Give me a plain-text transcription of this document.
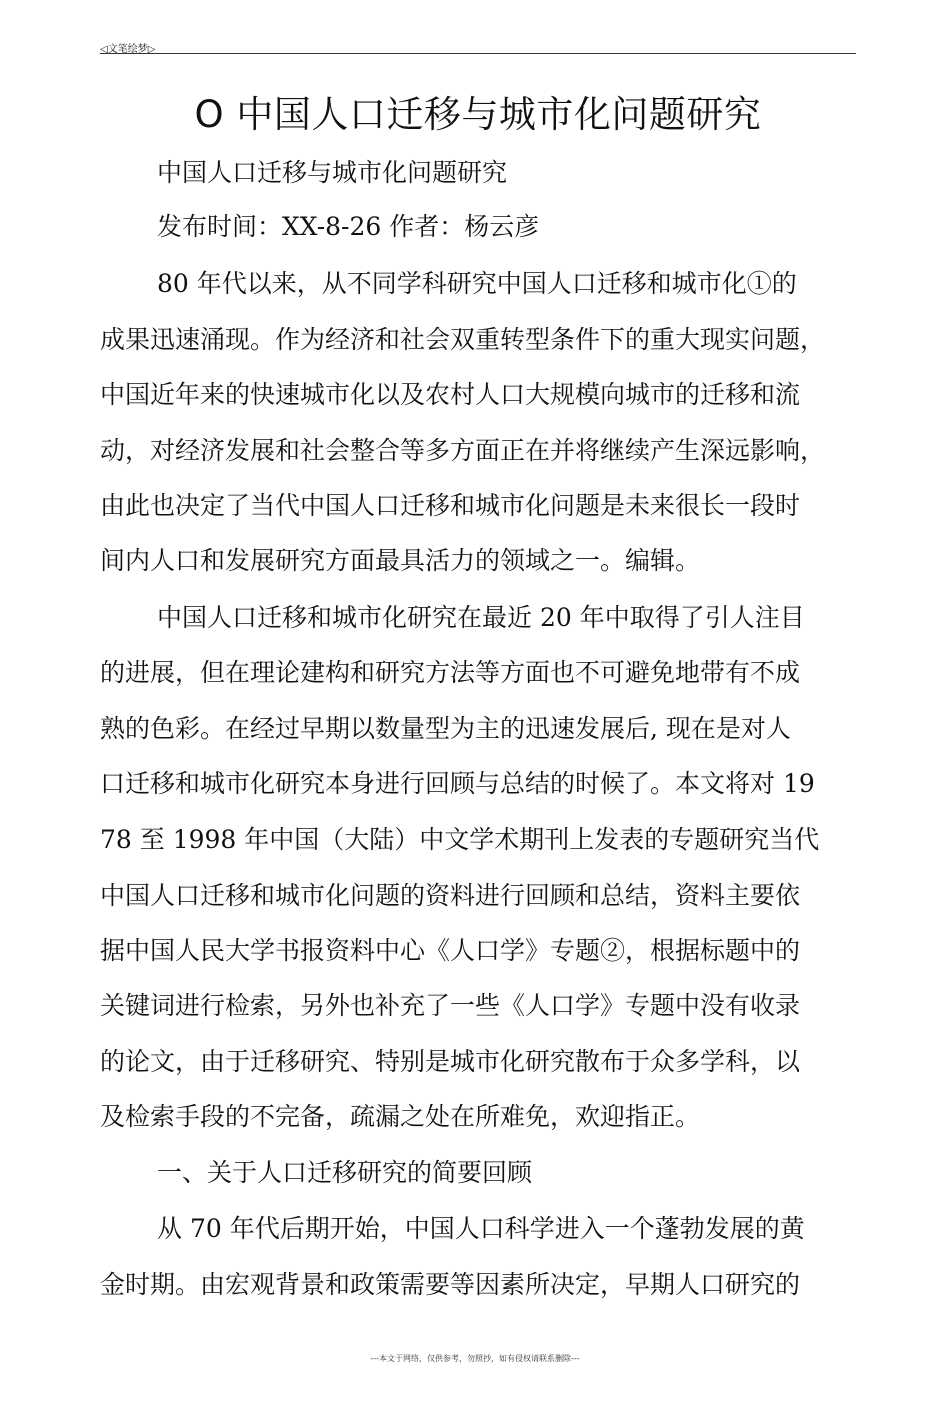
◁文笔绘梦▷
O 中国人口迁移与城市化问题研究
中国人口迁移与城市化问题研究
发布时间：XX-8-26 作者：杨云彦
80 年代以来，从不同学科研究中国人口迁移和城市化①的
成果迅速涌现。作为经济和社会双重转型条件下的重大现实问题，
中国近年来的快速城市化以及农村人口大规模向城市的迁移和流
动，对经济发展和社会整合等多方面正在并将继续产生深远影响，
由此也决定了当代中国人口迁移和城市化问题是未来很长一段时
间内人口和发展研究方面最具活力的领域之一。编辑。
中国人口迁移和城市化研究在最近 20 年中取得了引人注目
的进展，但在理论建构和研究方法等方面也不可避免地带有不成
熟的色彩。在经过早期以数量型为主的迅速发展后, 现在是对人
口迁移和城市化研究本身进行回顾与总结的时候了。本文将对 19
78 至 1998 年中国（大陆）中文学术期刊上发表的专题研究当代
中国人口迁移和城市化问题的资料进行回顾和总结，资料主要依
据中国人民大学书报资料中心《人口学》专题②，根据标题中的
关键词进行检索，另外也补充了一些《人口学》专题中没有收录
的论文，由于迁移研究、特别是城市化研究散布于众多学科，以
及检索手段的不完备，疏漏之处在所难免，欢迎指正。
一、关于人口迁移研究的简要回顾
从 70 年代后期开始，中国人口科学进入一个蓬勃发展的黄
金时期。由宏观背景和政策需要等因素所决定，早期人口研究的
---本文于网络，仅供参考，勿照抄，如有侵权请联系删除---
